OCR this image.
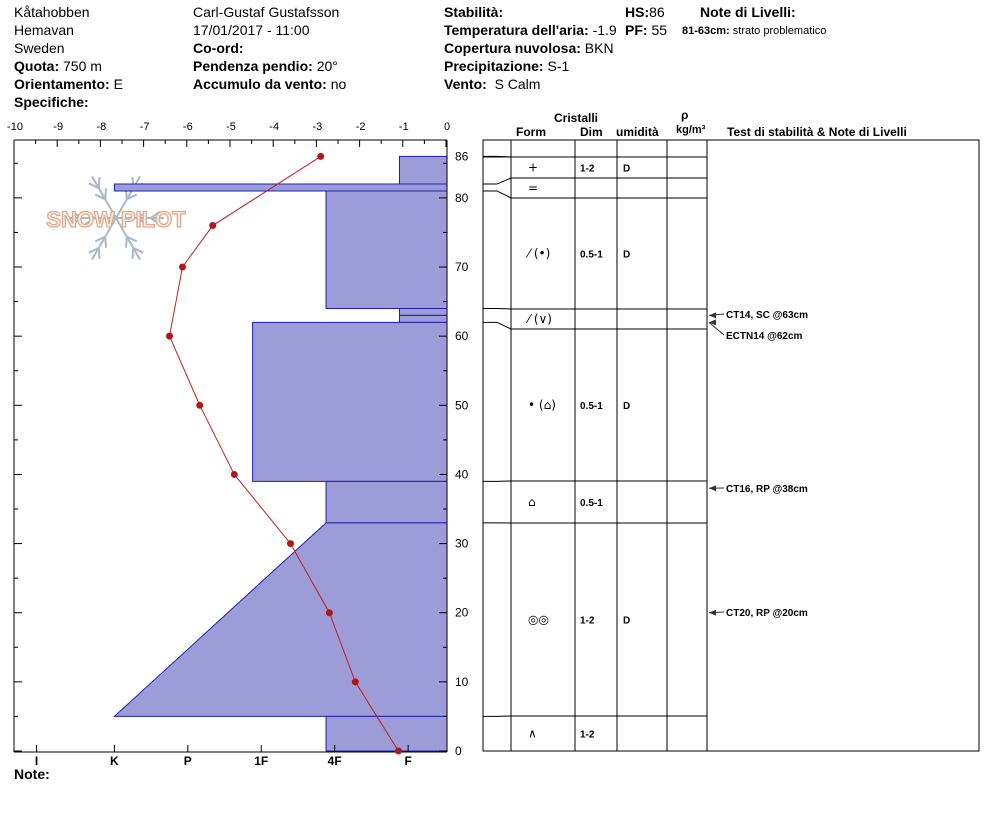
Kåtahobben
Hemavan
Sweden
Quota: 750 m
Orientamento: E
Specifiche:
Carl-Gustaf Gustafsson
17/01/2017 - 11:00
Co-ord:
Pendenza pendio: 20°
Accumulo da vento: no
Stabilità:
Temperatura dell'aria: -1.9
Copertura nuvolosa: BKN
Precipitazione: S-1
Vento: S Calm
HS:86
PF: 55
Note di Livelli:
81-63cm: strato problematico
Note:
Cristalli
Form	Dim umidità
ρ
kg/m³ Test di stabilità & Note di Livelli
SNOW PILOT
-10	-9	-8	-7	-6	-5	-4	-3	-2	-1	0
I	K	P	1F	4F	F
0
10
20
30
40
50
60
70
80
86
+	1-2	D
=
⁄ (•)	0.5-1 D
⁄ (∨)
• (⌂) 0.5-1 D
⌂	0.5-1
◎◎	1-2	D
∧	1-2
CT14, SC @63cm
ECTN14 @62cm
CT16, RP @38cm
CT20, RP @20cm
